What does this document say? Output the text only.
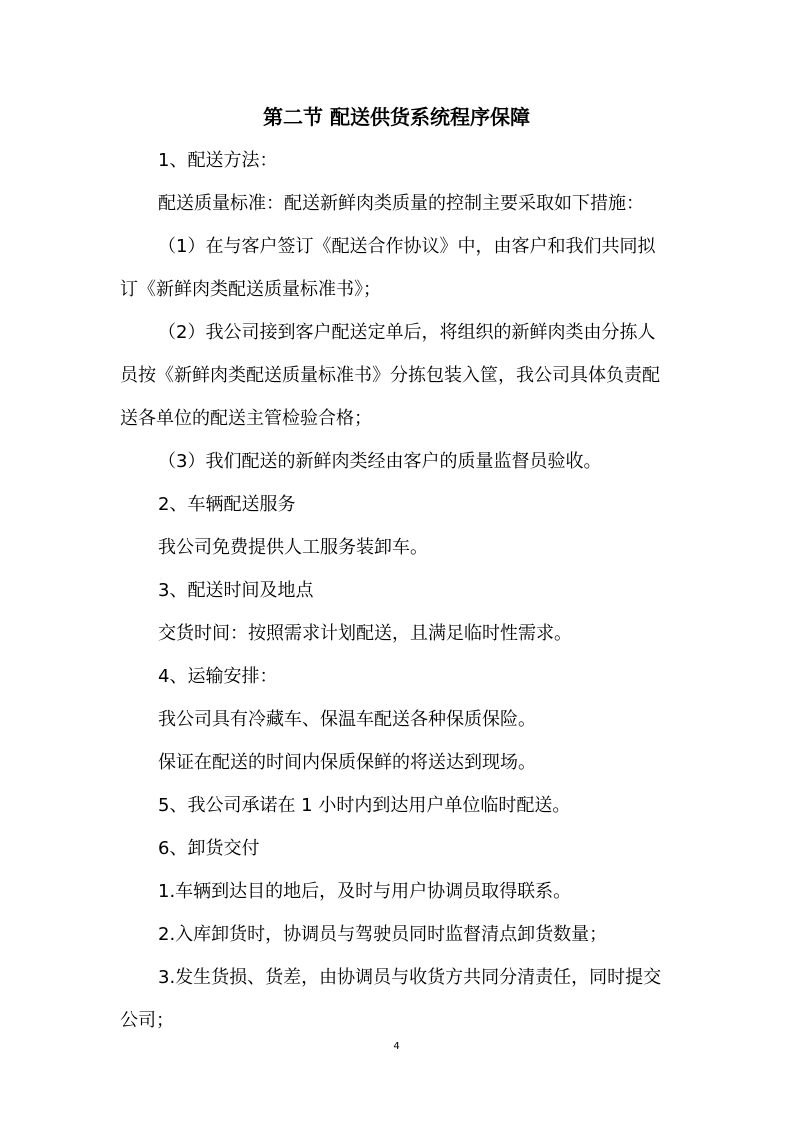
第二节 配送供货系统程序保障
1、配送方法：
配送质量标准：配送新鲜肉类质量的控制主要采取如下措施：
（1）在与客户签订《配送合作协议》中，由客户和我们共同拟
订《新鲜肉类配送质量标准书》；
（2）我公司接到客户配送定单后，将组织的新鲜肉类由分拣人
员按《新鲜肉类配送质量标准书》分拣包装入筐，我公司具体负责配
送各单位的配送主管检验合格；
（3）我们配送的新鲜肉类经由客户的质量监督员验收。
2、车辆配送服务
我公司免费提供人工服务装卸车。
3、配送时间及地点
交货时间：按照需求计划配送，且满足临时性需求。
4、运输安排：
我公司具有冷藏车、保温车配送各种保质保险。
保证在配送的时间内保质保鲜的将送达到现场。
5、我公司承诺在 1 小时内到达用户单位临时配送。
6、卸货交付
1.车辆到达目的地后，及时与用户协调员取得联系。
2.入库卸货时，协调员与驾驶员同时监督清点卸货数量；
3.发生货损、货差，由协调员与收货方共同分清责任，同时提交
公司；
4
